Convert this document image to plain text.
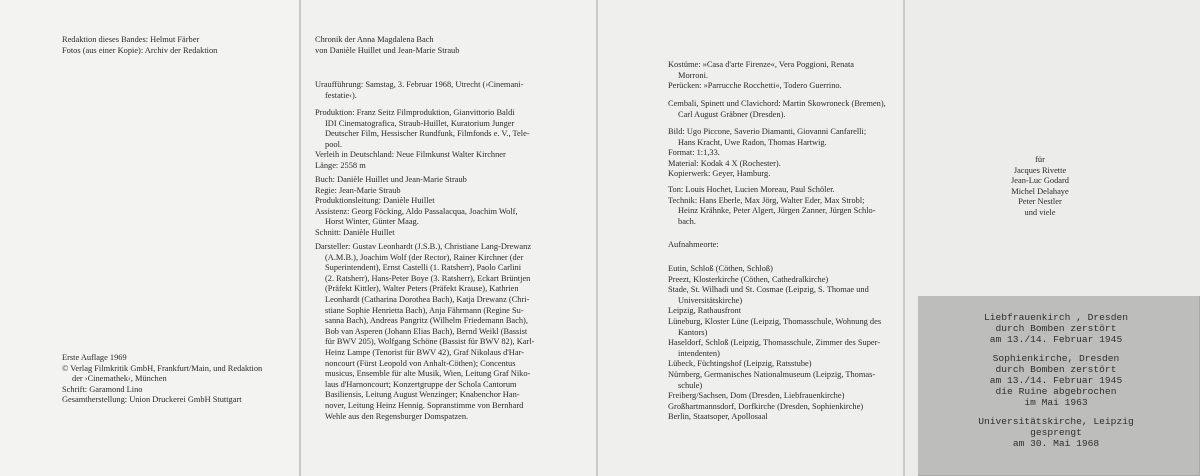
Redaktion dieses Bandes: Helmut Färber
Fotos (aus einer Kopie): Archiv der Redaktion
Erste Auflage 1969
© Verlag Filmkritik GmbH, Frankfurt/Main, und Redaktion
der ›Cinemathek‹, München
Schrift: Garamond Lino
Gesamtherstellung: Union Druckerei GmbH Stuttgart
Chronik der Anna Magdalena Bach
von Danièle Huillet und Jean-Marie Straub
Uraufführung: Samstag, 3. Februar 1968, Utrecht (›Cinemani-
festatie‹).
Produktion: Franz Seitz Filmproduktion, Gianvittorio Baldi
IDI Cinematografica, Straub-Huillet, Kuratorium Junger
Deutscher Film, Hessischer Rundfunk, Filmfonds e. V., Tele-
pool.
Verleih in Deutschland: Neue Filmkunst Walter Kirchner
Länge: 2558 m
Buch: Danièle Huillet und Jean-Marie Straub
Regie: Jean-Marie Straub
Produktionsleitung: Danièle Huillet
Assistenz: Georg Föcking, Aldo Passalacqua, Joachim Wolf,
Horst Winter, Günter Maag.
Schnitt: Danièle Huillet
Darsteller: Gustav Leonhardt (J.S.B.), Christiane Lang-Drewanz
(A.M.B.), Joachim Wolf (der Rector), Rainer Kirchner (der
Superintendent), Ernst Castelli (1. Ratsherr), Paolo Carlini
(2. Ratsherr), Hans-Peter Boye (3. Ratsherr), Eckart Brüntjen
(Präfekt Kittler), Walter Peters (Präfekt Krause), Kathrien
Leonhardt (Catharina Dorothea Bach), Katja Drewanz (Chri-
stiane Sophie Henrietta Bach), Anja Fährmann (Regine Su-
sanna Bach), Andreas Pangritz (Wilhelm Friedemann Bach),
Bob van Asperen (Johann Elias Bach), Bernd Weikl (Bassist
für BWV 205), Wolfgang Schöne (Bassist für BWV 82), Karl-
Heinz Lampe (Tenorist für BWV 42), Graf Nikolaus d'Har-
noncourt (Fürst Leopold von Anhalt-Cöthen); Concentus
musicus, Ensemble für alte Musik, Wien, Leitung Graf Niko-
laus d'Harnoncourt; Konzertgruppe der Schola Cantorum
Basiliensis, Leitung August Wenzinger; Knabenchor Han-
nover, Leitung Heinz Hennig. Sopranstimme von Bernhard
Wehle aus den Regensburger Domspatzen.
Kostüme: »Casa d'arte Firenze«, Vera Poggioni, Renata
Morroni.
Perücken: »Parrucche Rocchetti«, Todero Guerrino.
Cembali, Spinett und Clavichord: Martin Skowroneck (Bremen),
Carl August Gräbner (Dresden).
Bild: Ugo Piccone, Saverio Diamanti, Giovanni Canfarelli;
Hans Kracht, Uwe Radon, Thomas Hartwig.
Format: 1:1,33.
Material: Kodak 4 X (Rochester).
Kopierwerk: Geyer, Hamburg.
Ton: Louis Hochet, Lucien Moreau, Paul Schöler.
Technik: Hans Eberle, Max Jörg, Walter Eder, Max Strobl;
Heinz Krähnke, Peter Algert, Jürgen Zanner, Jürgen Schlo-
bach.
Aufnahmeorte:
Eutin, Schloß (Cöthen, Schloß)
Preezt, Klosterkirche (Cöthen, Cathedralkirche)
Stade, St. Wilhadi und St. Cosmae (Leipzig, S. Thomae und
Universitätskirche)
Leipzig, Rathausfront
Lüneburg, Kloster Lüne (Leipzig, Thomasschule, Wohnung des
Kantors)
Haseldorf, Schloß (Leipzig, Thomasschule, Zimmer des Super-
intendenten)
Lübeck, Füchtingshof (Leipzig, Ratsstube)
Nürnberg, Germanisches Nationalmuseum (Leipzig, Thomas-
schule)
Freiberg/Sachsen, Dom (Dresden, Liebfrauenkirche)
Großhartmannsdorf, Dorfkirche (Dresden, Sophienkirche)
Berlin, Staatsoper, Apollosaal
für
Jacques Rivette
Jean-Luc Godard
Michel Delahaye
Peter Nestler
und viele
Liebfrauenkirch , Dresden
durch Bomben zerstört
am 13./14. Februar 1945
Sophienkirche, Dresden
durch Bomben zerstört
am 13./14. Februar 1945
die Ruine abgebrochen
im Mai 1963
Universitätskirche, Leipzig
gesprengt
am 30. Mai 1968
